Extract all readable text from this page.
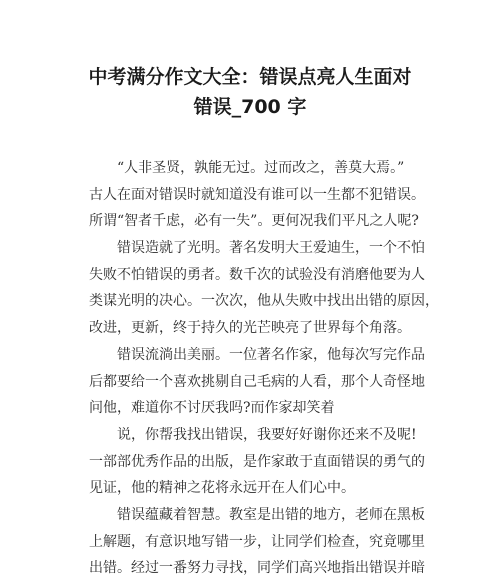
中考满分作文大全：错误点亮人生面对
错误_700 字
“人非圣贤，孰能无过。过而改之，善莫大焉。”
古人在面对错误时就知道没有谁可以一生都不犯错误。
所谓“智者千虑，必有一失”。更何况我们平凡之人呢?
错误造就了光明。著名发明大王爱迪生，一个不怕
失败不怕错误的勇者。数千次的试验没有消磨他要为人
类谋光明的决心。一次次，他从失败中找出出错的原因，
改进，更新，终于持久的光芒映亮了世界每个角落。
错误流淌出美丽。一位著名作家，他每次写完作品
后都要给一个喜欢挑剔自己毛病的人看，那个人奇怪地
问他，难道你不讨厌我吗?而作家却笑着
说，你帮我找出错误，我要好好谢你还来不及呢!
一部部优秀作品的出版，是作家敢于直面错误的勇气的
见证，他的精神之花将永远开在人们心中。
错误蕴藏着智慧。教室是出错的地方，老师在黑板
上解题，有意识地写错一步，让同学们检查，究竟哪里
出错。经过一番努力寻找，同学们高兴地指出错误并暗
